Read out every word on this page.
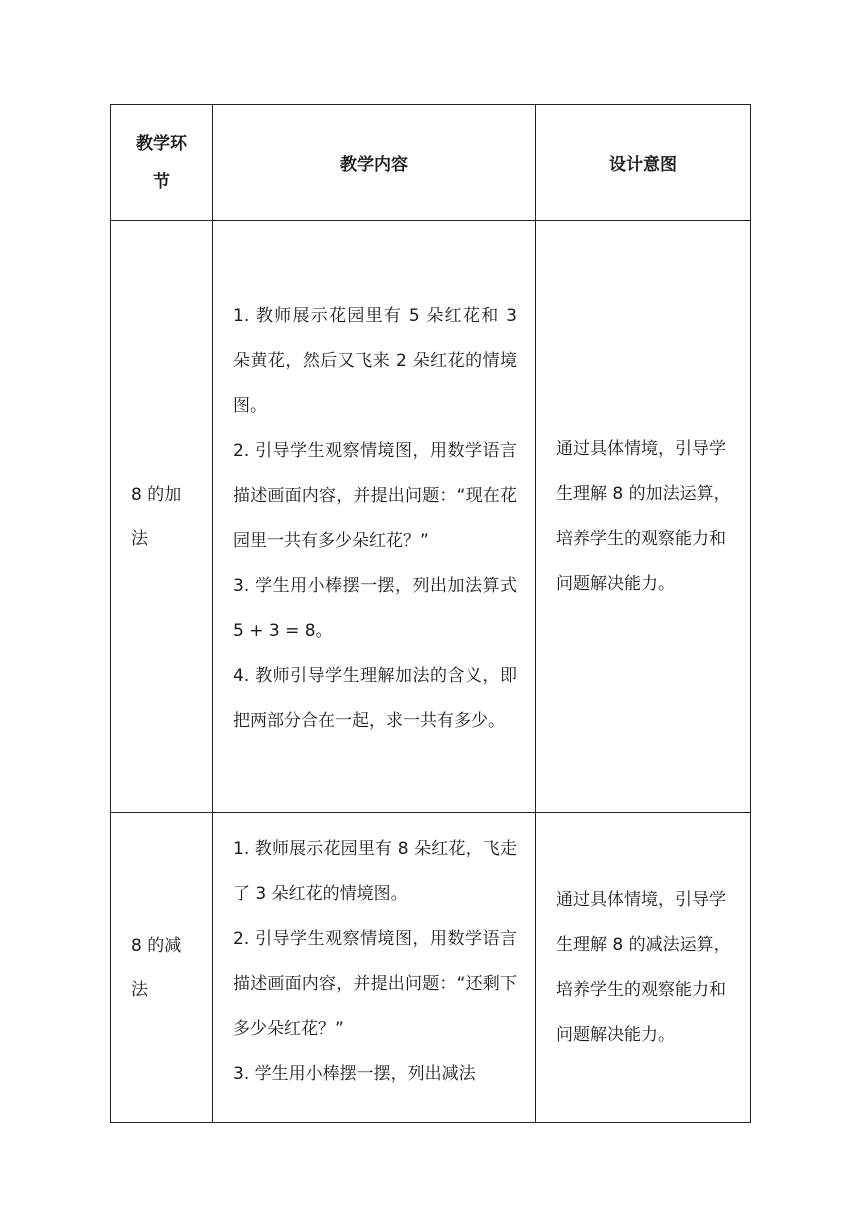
教学环节	教学内容	设计意图

8 的加法	1. 教师展示花园里有 5 朵红花和 3 朵黄花，然后又飞来 2 朵红花的情境图。
2. 引导学生观察情境图，用数学语言描述画面内容，并提出问题：“现在花园里一共有多少朵红花？”
3. 学生用小棒摆一摆，列出加法算式 5 + 3 = 8。
4. 教师引导学生理解加法的含义，即把两部分合在一起，求一共有多少。	通过具体情境，引导学生理解 8 的加法运算，培养学生的观察能力和问题解决能力。

8 的减法	1. 教师展示花园里有 8 朵红花，飞走了 3 朵红花的情境图。
2. 引导学生观察情境图，用数学语言描述画面内容，并提出问题：“还剩下多少朵红花？”
3. 学生用小棒摆一摆，列出减法	通过具体情境，引导学生理解 8 的减法运算，培养学生的观察能力和问题解决能力。
